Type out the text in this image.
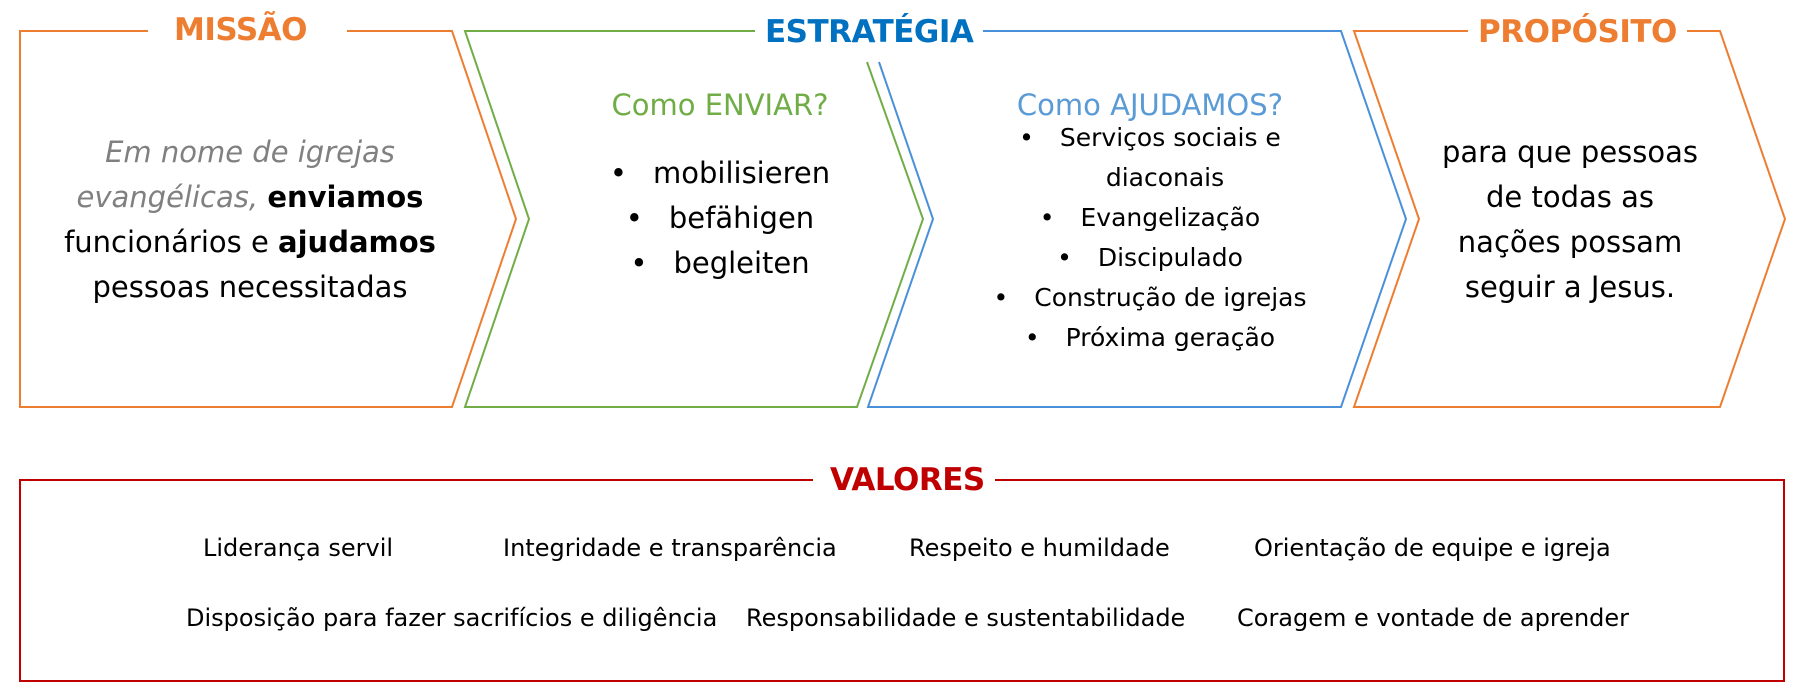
MISSÃO
Em nome de igrejas
evangélicas, enviamos
funcionários e ajudamos
pessoas necessitadas
ESTRATÉGIA
Como ENVIAR?
• mobilisieren
• befähigen
• begleiten
Como AJUDAMOS?
• Serviços sociais e
diaconais
• Evangelização
• Discipulado
• Construção de igrejas
• Próxima geração
PROPÓSITO
para que pessoas
de todas as
nações possam
seguir a Jesus.
VALORES
Liderança servil	Integridade e transparência	Respeito e humildade	Orientação de equipe e igreja
Disposição para fazer sacrifícios e diligência Responsabilidade e sustentabilidade Coragem e vontade de aprender
